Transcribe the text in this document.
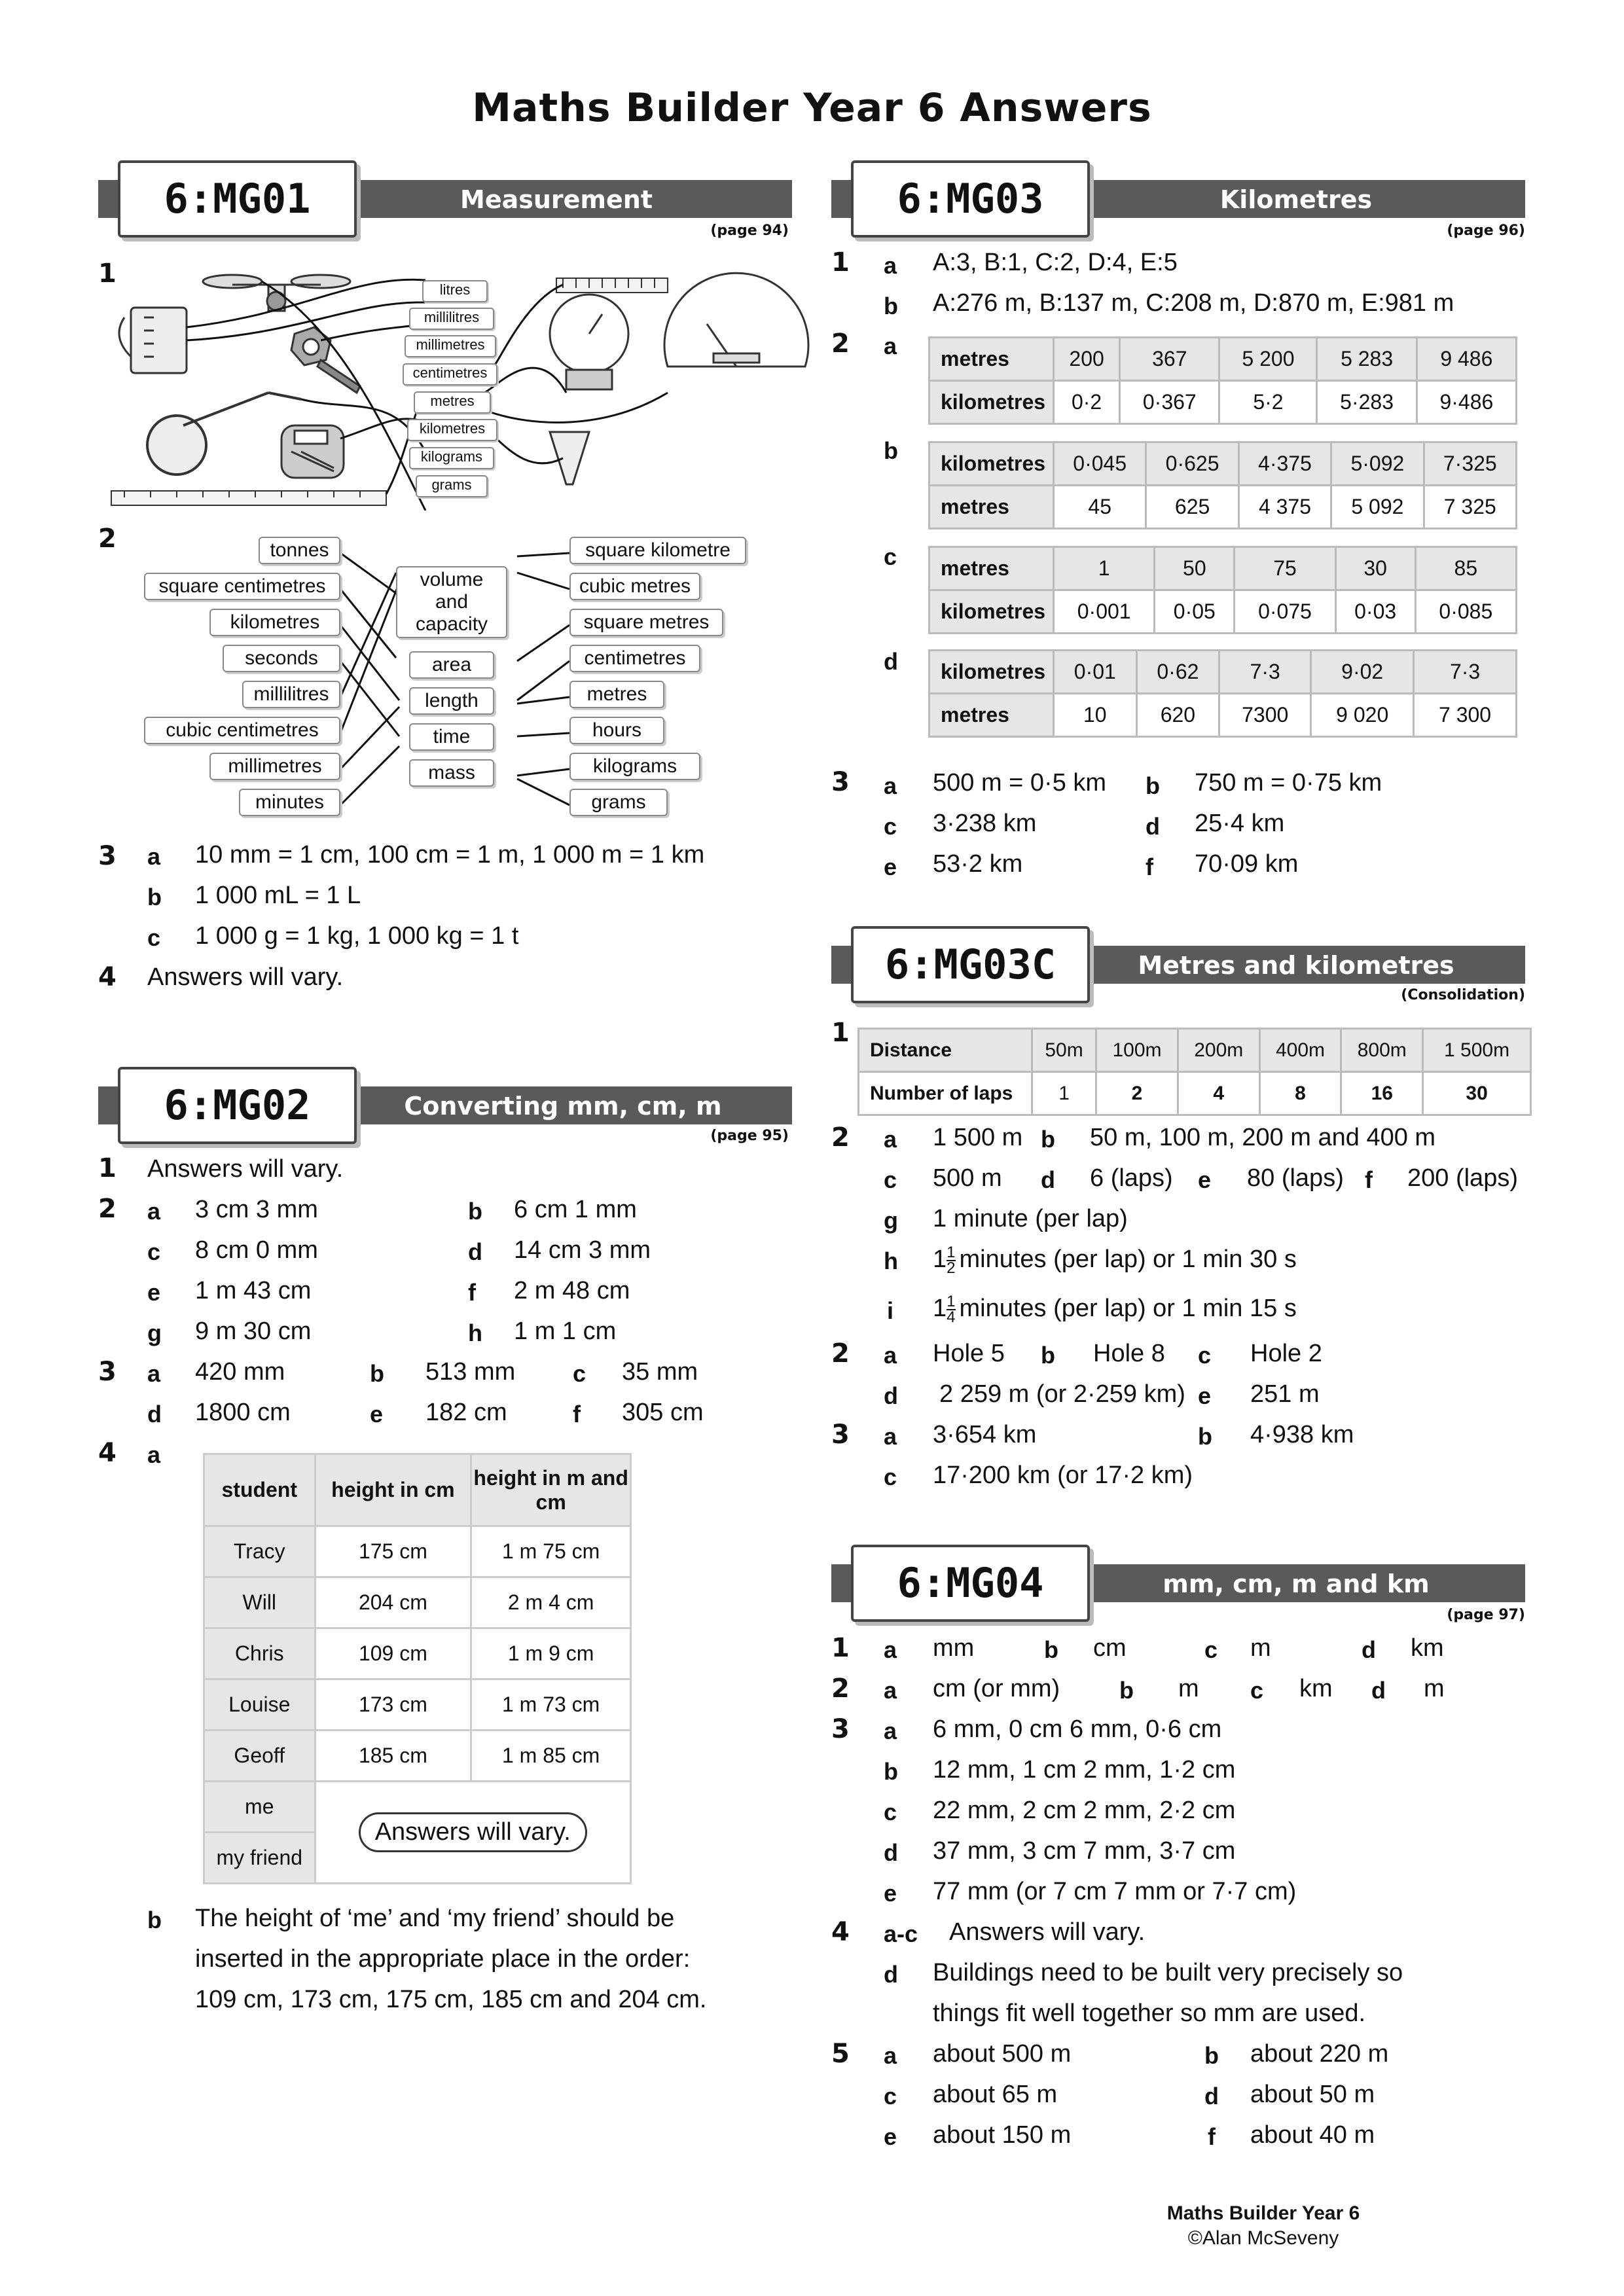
Maths Builder Year 6 Answers
Measurement
6:MG01
(page 94)
1
litres
millilitres
millimetres
centimetres
metres
kilometres
kilograms
grams
2	tonnes
square centimetres
kilometres
seconds
millilitres
cubic centimetres
millimetres
minutes
volume and capacity
area
length
time
mass
square kilometre
cubic metres
square metres
centimetres
metres
hours
kilograms
grams
3 a 10 mm = 1 cm, 100 cm = 1 m, 1 000 m = 1 km
b 1 000 mL = 1 L
c 1 000 g = 1 kg, 1 000 kg = 1 t
4 Answers will vary.
Converting mm, cm, m
6:MG02
(page 95)
1 Answers will vary.
2 a 3 cm 3 mm	b 6 cm 1 mm
c 8 cm 0 mm	d 14 cm 3 mm
e 1 m 43 cm	f 2 m 48 cm
g 9 m 30 cm	h 1 m 1 cm
3 a 420 mm	b 513 mm c 35 mm
d 1800 cm	e 182 cm	f 305 cm
4 a
student	height in cm	height in m and cm
Tracy	175 cm	1 m 75 cm
Will	204 cm	2 m 4 cm
Chris	109 cm	1 m 9 cm
Louise	173 cm	1 m 73 cm
Geoff	185 cm	1 m 85 cm
me	Answers will vary.	
my friend		
b The height of ‘me’ and ‘my friend’ should be
inserted in the appropriate place in the order:
109 cm, 173 cm, 175 cm, 185 cm and 204 cm.
Kilometres
6:MG03
(page 96)
1 a A:3, B:1, C:2, D:4, E:5
b A:276 m, B:137 m, C:208 m, D:870 m, E:981 m
2 a metres	200	367	5 200	5 283	9 486
kilometres	0·2	0·367	5·2	5·283	9·486
b kilometres	0·045	0·625	4·375	5·092	7·325
metres	45	625	4 375	5 092	7 325
c metres	1	50	75	30	85
kilometres	0·001	0·05	0·075	0·03	0·085
d kilometres	0·01	0·62	7·3	9·02	7·3
metres	10	620	7300	9 020	7 300
3 a 500 m = 0·5 km b 750 m = 0·75 km
c 3·238 km	d 25·4 km
e 53·2 km	f 70·09 km
Metres and kilometres
6:MG03C
(Consolidation)
1
Distance	50m	100m	200m	400m	800m	1 500m
Number of laps	1	2	4	8	16	30
2 a 1 500 m b 50 m, 100 m, 200 m and 400 m
c 500 m d 6 (laps) e 80 (laps) f 200 (laps)
g 1 minute (per lap)
h $1 \frac{1}{2}$ minutes (per lap) or 1 min 30 s
i $1 \frac{1}{4}$ minutes (per lap) or 1 min 15 s
2 a Hole 5 b Hole 8 c Hole 2
d 2 259 m (or 2·259 km) e 251 m
3 a 3·654 km	b 4·938 km
c 17·200 km (or 17·2 km)
mm, cm, m and km
6:MG04
(page 97)
1 a mm	b cm	c m	d km
2 a cm (or mm)	b m c km d m
3 a 6 mm, 0 cm 6 mm, 0·6 cm
b 12 mm, 1 cm 2 mm, 1·2 cm
c 22 mm, 2 cm 2 mm, 2·2 cm
d 37 mm, 3 cm 7 mm, 3·7 cm
e 77 mm (or 7 cm 7 mm or 7·7 cm)
4 a-c Answers will vary.
d Buildings need to be built very precisely so
things fit well together so mm are used.
5 a about 500 m	b about 220 m
c about 65 m	d about 50 m
e about 150 m	f about 40 m
Maths Builder Year 6
©Alan McSeveny
